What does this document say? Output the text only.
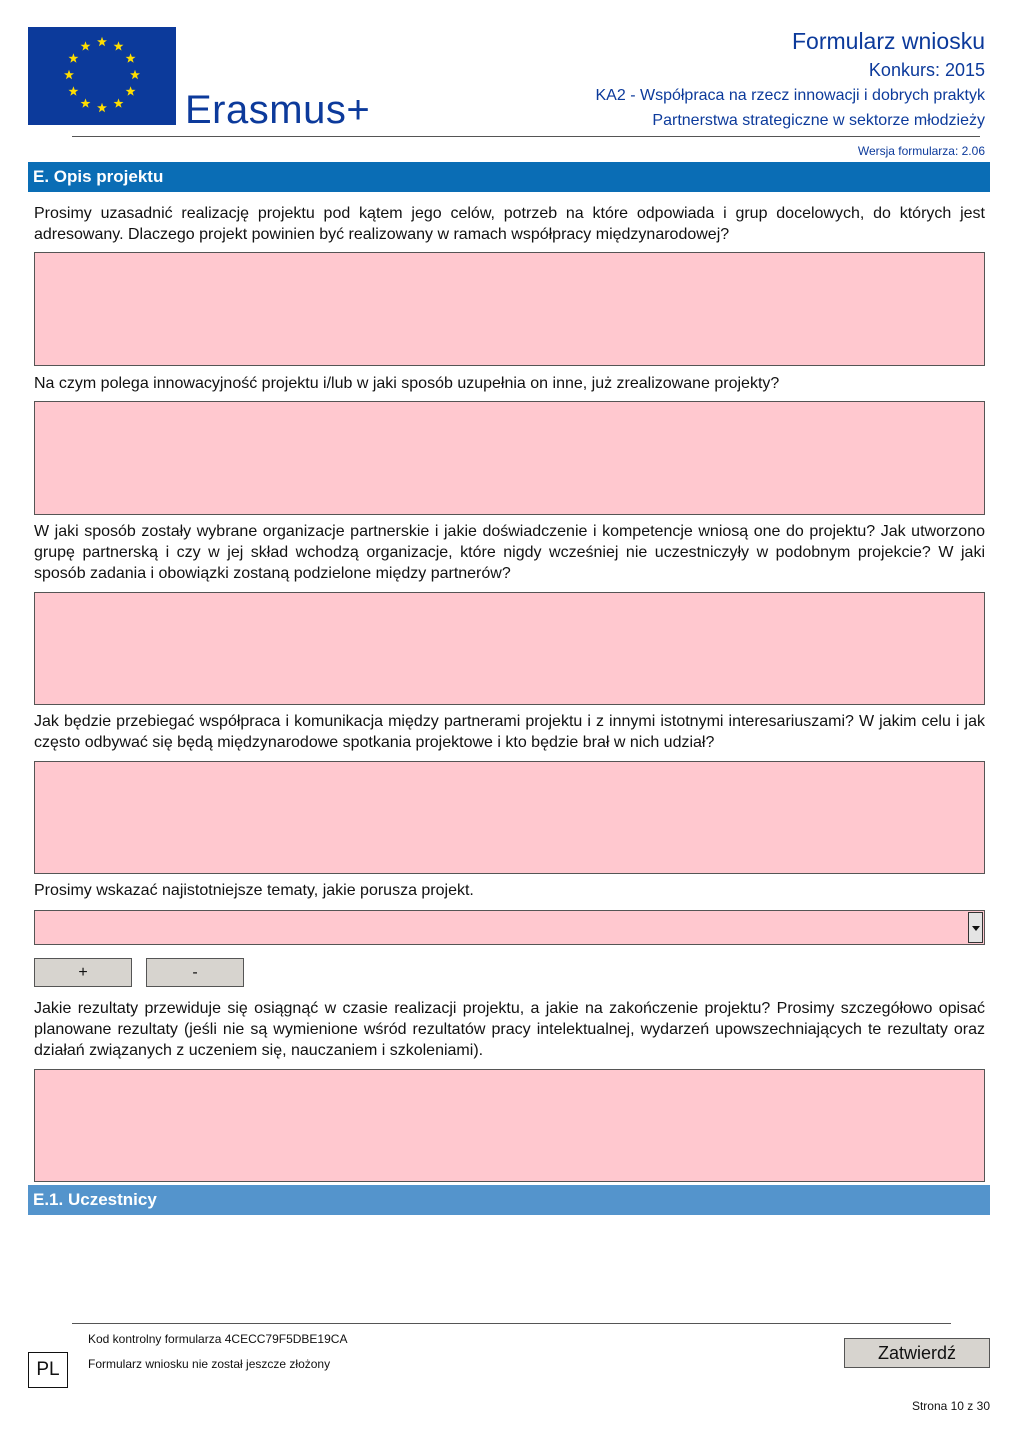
Erasmus+
Formularz wniosku
Konkurs: 2015
KA2 - Współpraca na rzecz innowacji i dobrych praktyk
Partnerstwa strategiczne w sektorze młodzieży
Wersja formularza: 2.06
E. Opis projektu
Prosimy uzasadnić realizację projektu pod kątem jego celów, potrzeb na które odpowiada i grup docelowych, do których jest adresowany. Dlaczego projekt powinien być realizowany w ramach współpracy międzynarodowej?
Na czym polega innowacyjność projektu i/lub w jaki sposób uzupełnia on inne, już zrealizowane projekty?
W jaki sposób zostały wybrane organizacje partnerskie i jakie doświadczenie i kompetencje wniosą one do projektu? Jak utworzono grupę partnerską i czy w jej skład wchodzą organizacje, które nigdy wcześniej nie uczestniczyły w podobnym projekcie? W jaki sposób zadania i obowiązki zostaną podzielone między partnerów?
Jak będzie przebiegać współpraca i komunikacja między partnerami projektu i z innymi istotnymi interesariuszami? W jakim celu i jak często odbywać się będą międzynarodowe spotkania projektowe i kto będzie brał w nich udział?
Prosimy wskazać najistotniejsze tematy, jakie porusza projekt.
+	-
Jakie rezultaty przewiduje się osiągnąć w czasie realizacji projektu, a jakie na zakończenie projektu? Prosimy szczegółowo opisać planowane rezultaty (jeśli nie są wymienione wśród rezultatów pracy intelektualnej, wydarzeń upowszechniających te rezultaty oraz działań związanych z uczeniem się, nauczaniem i szkoleniami).
E.1. Uczestnicy
Kod kontrolny formularza 4CECC79F5DBE19CA
Formularz wniosku nie został jeszcze złożony
PL
Zatwierdź
Strona 10 z 30
